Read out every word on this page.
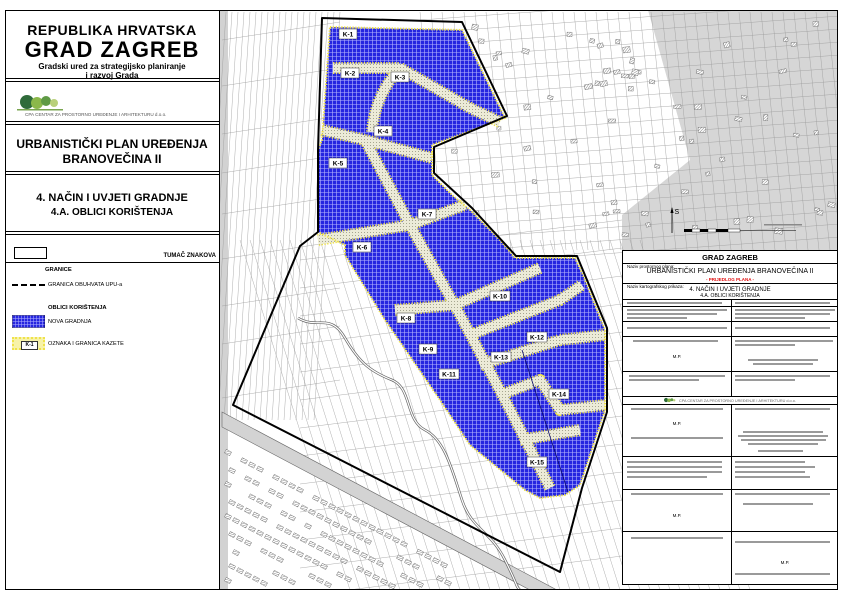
REPUBLIKA HRVATSKA
GRAD ZAGREB
Gradski ured za strategijsko planiranje
i razvoj Grada
CPA CENTAR ZA PROSTORNO UREĐENJE I ARHITEKTURU d.o.o.
URBANISTIČKI PLAN UREĐENJA
BRANOVEČINA II
4. NAČIN I UVJETI GRADNJE
4.A. OBLICI KORIŠTENJA
TUMAČ ZNAKOVA
GRANICE
GRANICA OBUHVATA UPU-a
OBLICI KORIŠTENJA
NOVA GRADNJA
K-1	OZNAKA I GRANICA KAZETE
K-1
K-2
K-3
K-4
K-5
K-6
K-7
K-8
K-9
K-10
K-11
K-12
K-13
K-14
K-15
S
GRAD ZAGREB
Naziv prostornog plana:
URBANISTIČKI PLAN UREĐENJA BRANOVEČINA II
- PRIJEDLOG PLANA -
Naziv kartografskog prikaza:
4. NAČIN I UVJETI GRADNJE
4.A. OBLICI KORIŠTENJA
M.P.
M.P.
M.P.
M.P.
CPA CENTAR ZA PROSTORNO UREĐENJE I ARHITEKTURU d.o.o.
